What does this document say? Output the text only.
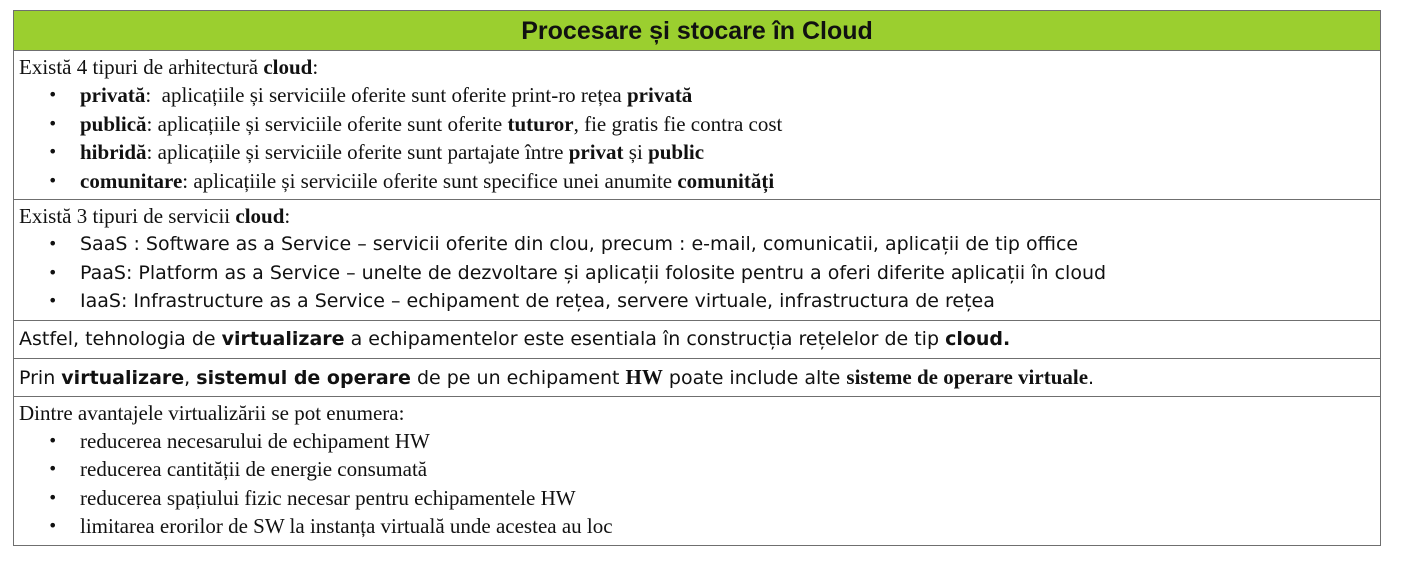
Procesare și stocare în Cloud

Există 4 tipuri de arhitectură cloud:
• privată:  aplicațiile și serviciile oferite sunt oferite print-ro rețea privată
• publică: aplicațiile și serviciile oferite sunt oferite tuturor, fie gratis fie contra cost
• hibridă: aplicațiile și serviciile oferite sunt partajate între privat și public
• comunitare: aplicațiile și serviciile oferite sunt specifice unei anumite comunități

Există 3 tipuri de servicii cloud:
• SaaS : Software as a Service – servicii oferite din clou, precum : e-mail, comunicatii, aplicații de tip office
• PaaS: Platform as a Service – unelte de dezvoltare și aplicații folosite pentru a oferi diferite aplicații în cloud
• IaaS: Infrastructure as a Service – echipament de rețea, servere virtuale, infrastructura de rețea

Astfel, tehnologia de virtualizare a echipamentelor este esentiala în construcția rețelelor de tip cloud.

Prin virtualizare, sistemul de operare de pe un echipament HW poate include alte sisteme de operare virtuale.

Dintre avantajele virtualizării se pot enumera:
• reducerea necesarului de echipament HW
• reducerea cantității de energie consumată
• reducerea spațiului fizic necesar pentru echipamentele HW
• limitarea erorilor de SW la instanța virtuală unde acestea au loc
